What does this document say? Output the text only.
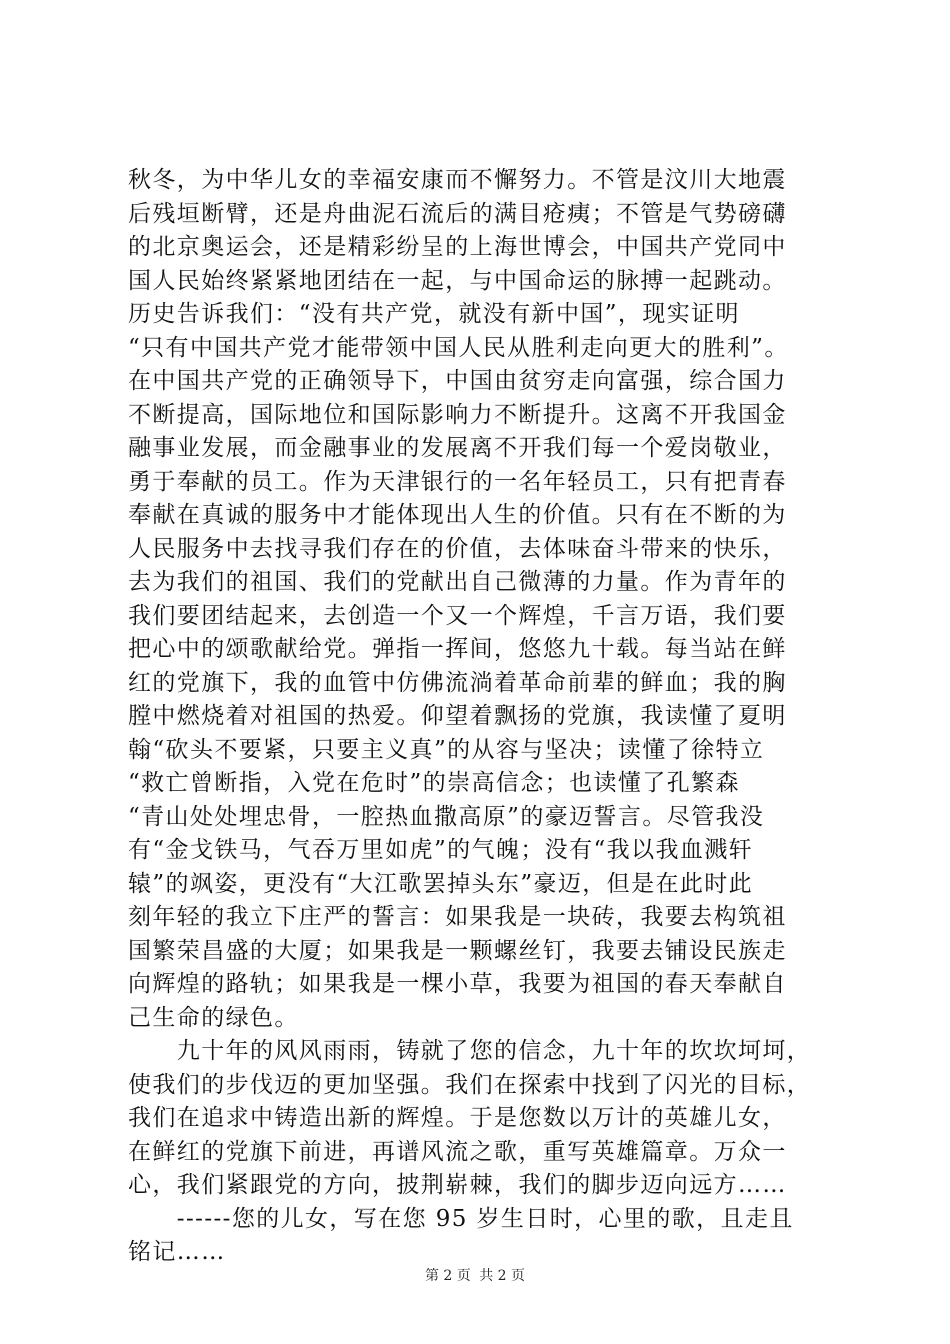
秋冬，为中华儿女的幸福安康而不懈努力。不管是汶川大地震
后残垣断臂，还是舟曲泥石流后的满目疮痍；不管是气势磅礴
的北京奥运会，还是精彩纷呈的上海世博会，中国共产党同中
国人民始终紧紧地团结在一起，与中国命运的脉搏一起跳动。
历史告诉我们：“没有共产党，就没有新中国”，现实证明
“只有中国共产党才能带领中国人民从胜利走向更大的胜利”。
在中国共产党的正确领导下，中国由贫穷走向富强，综合国力
不断提高，国际地位和国际影响力不断提升。这离不开我国金
融事业发展，而金融事业的发展离不开我们每一个爱岗敬业，
勇于奉献的员工。作为天津银行的一名年轻员工，只有把青春
奉献在真诚的服务中才能体现出人生的价值。只有在不断的为
人民服务中去找寻我们存在的价值，去体味奋斗带来的快乐，
去为我们的祖国、我们的党献出自己微薄的力量。作为青年的
我们要团结起来，去创造一个又一个辉煌，千言万语，我们要
把心中的颂歌献给党。弹指一挥间，悠悠九十载。每当站在鲜
红的党旗下，我的血管中仿佛流淌着革命前辈的鲜血；我的胸
膛中燃烧着对祖国的热爱。仰望着飘扬的党旗，我读懂了夏明
翰“砍头不要紧，只要主义真”的从容与坚决；读懂了徐特立
“救亡曾断指，入党在危时”的崇高信念；也读懂了孔繁森
“青山处处埋忠骨，一腔热血撒高原”的豪迈誓言。尽管我没
有“金戈铁马，气吞万里如虎”的气魄；没有“我以我血溅轩
辕”的飒姿，更没有“大江歌罢掉头东”豪迈，但是在此时此
刻年轻的我立下庄严的誓言：如果我是一块砖，我要去构筑祖
国繁荣昌盛的大厦；如果我是一颗螺丝钉，我要去铺设民族走
向辉煌的路轨；如果我是一棵小草，我要为祖国的春天奉献自
己生命的绿色。
　　九十年的风风雨雨，铸就了您的信念，九十年的坎坎坷坷，
使我们的步伐迈的更加坚强。我们在探索中找到了闪光的目标，
我们在追求中铸造出新的辉煌。于是您数以万计的英雄儿女，
在鲜红的党旗下前进，再谱风流之歌，重写英雄篇章。万众一
心，我们紧跟党的方向，披荆崭棘，我们的脚步迈向远方……
　　------您的儿女，写在您 95 岁生日时，心里的歌，且走且
铭记……
第 2 页 共 2 页
